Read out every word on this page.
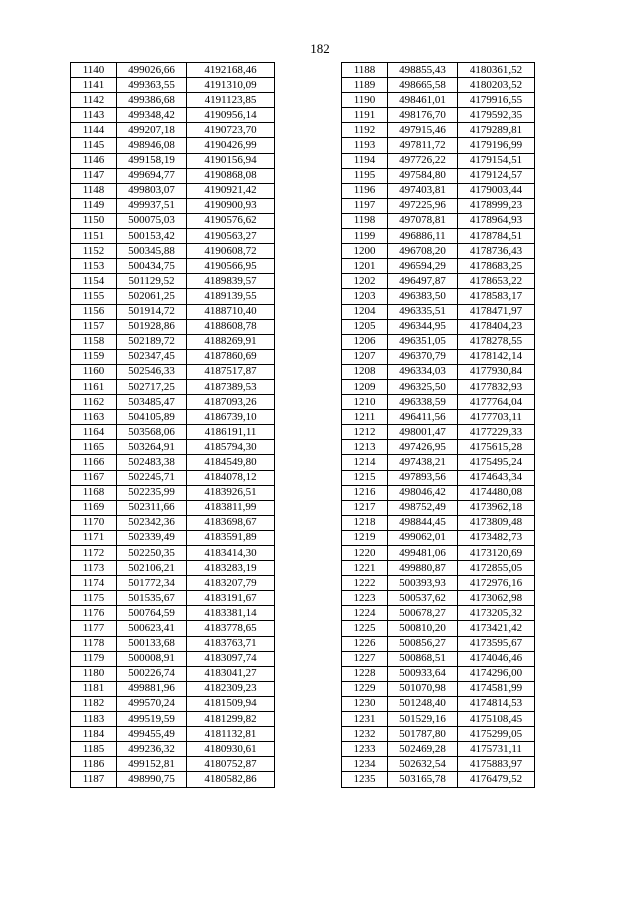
182
1140	499026,66	4192168,46
1141	499363,55	4191310,09
1142	499386,68	4191123,85
1143	499348,42	4190956,14
1144	499207,18	4190723,70
1145	498946,08	4190426,99
1146	499158,19	4190156,94
1147	499694,77	4190868,08
1148	499803,07	4190921,42
1149	499937,51	4190900,93
1150	500075,03	4190576,62
1151	500153,42	4190563,27
1152	500345,88	4190608,72
1153	500434,75	4190566,95
1154	501129,52	4189839,57
1155	502061,25	4189139,55
1156	501914,72	4188710,40
1157	501928,86	4188608,78
1158	502189,72	4188269,91
1159	502347,45	4187860,69
1160	502546,33	4187517,87
1161	502717,25	4187389,53
1162	503485,47	4187093,26
1163	504105,89	4186739,10
1164	503568,06	4186191,11
1165	503264,91	4185794,30
1166	502483,38	4184549,80
1167	502245,71	4184078,12
1168	502235,99	4183926,51
1169	502311,66	4183811,99
1170	502342,36	4183698,67
1171	502339,49	4183591,89
1172	502250,35	4183414,30
1173	502106,21	4183283,19
1174	501772,34	4183207,79
1175	501535,67	4183191,67
1176	500764,59	4183381,14
1177	500623,41	4183778,65
1178	500133,68	4183763,71
1179	500008,91	4183097,74
1180	500226,74	4183041,27
1181	499881,96	4182309,23
1182	499570,24	4181509,94
1183	499519,59	4181299,82
1184	499455,49	4181132,81
1185	499236,32	4180930,61
1186	499152,81	4180752,87
1187	498990,75	4180582,86
1188	498855,43	4180361,52
1189	498665,58	4180203,52
1190	498461,01	4179916,55
1191	498176,70	4179592,35
1192	497915,46	4179289,81
1193	497811,72	4179196,99
1194	497726,22	4179154,51
1195	497584,80	4179124,57
1196	497403,81	4179003,44
1197	497225,96	4178999,23
1198	497078,81	4178964,93
1199	496886,11	4178784,51
1200	496708,20	4178736,43
1201	496594,29	4178683,25
1202	496497,87	4178653,22
1203	496383,50	4178583,17
1204	496335,51	4178471,97
1205	496344,95	4178404,23
1206	496351,05	4178278,55
1207	496370,79	4178142,14
1208	496334,03	4177930,84
1209	496325,50	4177832,93
1210	496338,59	4177764,04
1211	496411,56	4177703,11
1212	498001,47	4177229,33
1213	497426,95	4175615,28
1214	497438,21	4175495,24
1215	497893,56	4174643,34
1216	498046,42	4174480,08
1217	498752,49	4173962,18
1218	498844,45	4173809,48
1219	499062,01	4173482,73
1220	499481,06	4173120,69
1221	499880,87	4172855,05
1222	500393,93	4172976,16
1223	500537,62	4173062,98
1224	500678,27	4173205,32
1225	500810,20	4173421,42
1226	500856,27	4173595,67
1227	500868,51	4174046,46
1228	500933,64	4174296,00
1229	501070,98	4174581,99
1230	501248,40	4174814,53
1231	501529,16	4175108,45
1232	501787,80	4175299,05
1233	502469,28	4175731,11
1234	502632,54	4175883,97
1235	503165,78	4176479,52
